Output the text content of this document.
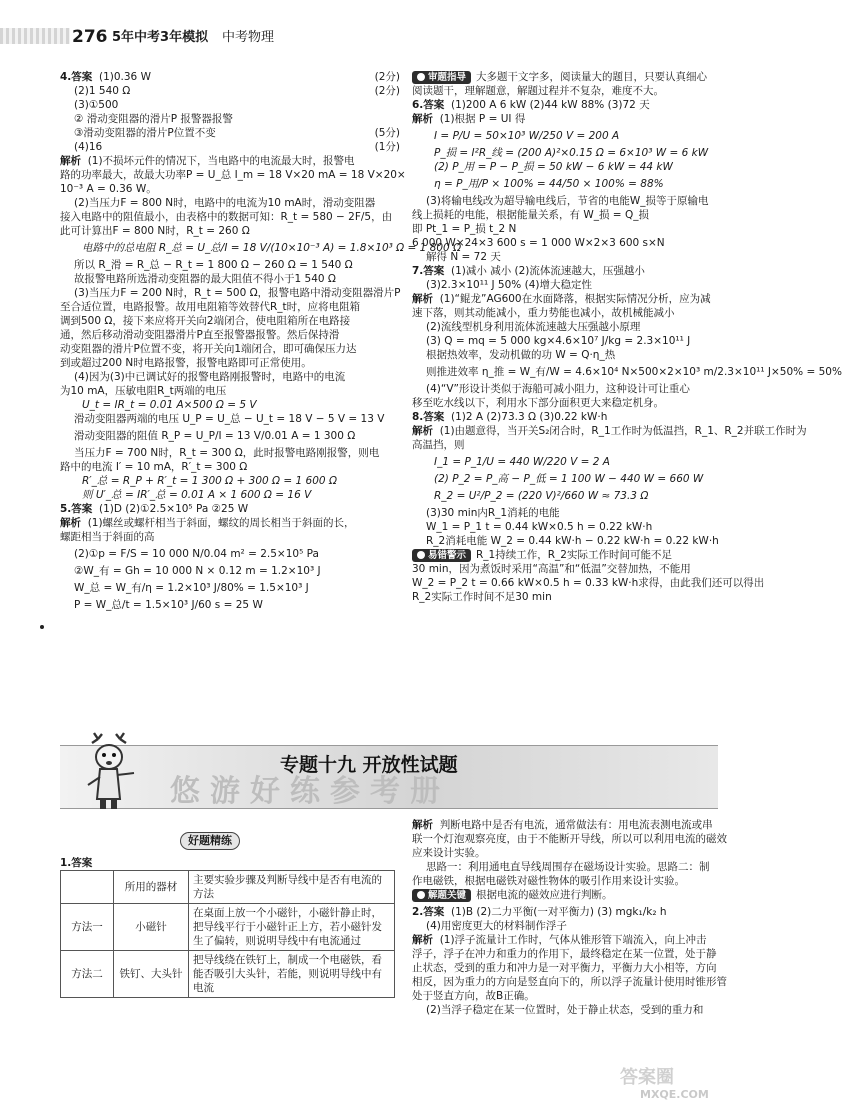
276 5年中考3年模拟 中考物理
4.答案 (1)0.36 W	(2分)
(2)1 540 Ω	(2分)
(3)①500
② 滑动变阻器的滑片P 报警器报警
③滑动变阻器的滑片P位置不变	(5分)
(4)16	(1分)
解析 (1)不损坏元件的情况下，当电路中的电流最大时，报警电
路的功率最大，故最大功率P = U_总 I_m = 18 V×20 mA = 18 V×20×
10⁻³ A = 0.36 W。
(2)当压力F = 800 N时，电路中的电流为10 mA时，滑动变阻器
接入电路中的阻值最小，由表格中的数据可知：R_t = 580 − 2F/5，由
此可计算出F = 800 N时，R_t = 260 Ω
电路中的总电阻 R_总 = U_总/I = 18 V/(10×10⁻³ A) = 1.8×10³ Ω = 1 800 Ω
所以 R_滑 = R_总 − R_t = 1 800 Ω − 260 Ω = 1 540 Ω
故报警电路所选滑动变阻器的最大阻值不得小于1 540 Ω
(3)当压力F = 200 N时，R_t = 500 Ω，报警电路中滑动变阻器滑片P
至合适位置，电路报警。故用电阻箱等效替代R_t时，应将电阻箱
调到500 Ω，接下来应将开关向2端闭合，使电阻箱所在电路接
通，然后移动滑动变阻器滑片P直至报警器报警。然后保持滑
动变阻器的滑片P位置不变，将开关向1端闭合，即可确保压力达
到或超过200 N时电路报警，报警电路即可正常使用。
(4)因为(3)中已调试好的报警电路刚报警时，电路中的电流
为10 mA，压敏电阻R_t两端的电压
U_t = IR_t = 0.01 A×500 Ω = 5 V
滑动变阻器两端的电压 U_P = U_总 − U_t = 18 V − 5 V = 13 V
滑动变阻器的阻值 R_P = U_P/I = 13 V/0.01 A = 1 300 Ω
当压力F = 700 N时，R_t = 300 Ω，此时报警电路刚报警，则电
路中的电流 I′ = 10 mA，R′_t = 300 Ω
R′_总 = R_P + R′_t = 1 300 Ω + 300 Ω = 1 600 Ω
则 U′_总 = IR′_总 = 0.01 A × 1 600 Ω = 16 V
5.答案 (1)D (2)①2.5×10⁵ Pa ②25 W
解析 (1)螺丝或螺杆相当于斜面，螺纹的周长相当于斜面的长，
螺距相当于斜面的高
(2)①p = F/S = 10 000 N/0.04 m² = 2.5×10⁵ Pa
②W_有 = Gh = 10 000 N × 0.12 m = 1.2×10³ J
W_总 = W_有/η = 1.2×10³ J/80% = 1.5×10³ J
P = W_总/t = 1.5×10³ J/60 s = 25 W
审题指导 大多题干文字多，阅读量大的题目，只要认真细心
阅读题干，理解题意，解题过程并不复杂，难度不大。
6.答案 (1)200 A 6 kW (2)44 kW 88% (3)72 天
解析 (1)根据 P = UI 得
I = P/U = 50×10³ W/250 V = 200 A
P_损 = I²R_线 = (200 A)²×0.15 Ω = 6×10³ W = 6 kW
(2) P_用 = P − P_损 = 50 kW − 6 kW = 44 kW
η = P_用/P × 100% = 44/50 × 100% = 88%
(3)将输电线改为超导输电线后，节省的电能W_损等于原输电
线上损耗的电能，根据能量关系，有 W_损 = Q_损
即 Pt_1 = P_损 t_2 N
6 000 W×24×3 600 s = 1 000 W×2×3 600 s×N
解得 N = 72 天
7.答案 (1)减小 减小 (2)流体流速越大，压强越小
(3)2.3×10¹¹ J 50% (4)增大稳定性
解析 (1)“鲲龙”AG600在水面降落，根据实际情况分析，应为减
速下落，则其动能减小，重力势能也减小，故机械能减小
(2)流线型机身利用流体流速越大压强越小原理
(3) Q = mq = 5 000 kg×4.6×10⁷ J/kg = 2.3×10¹¹ J
根据热效率，发动机做的功 W = Q·η_热
则推进效率 η_推 = W_有/W = 4.6×10⁴ N×500×2×10³ m/2.3×10¹¹ J×50% = 50%
(4)“V”形设计类似于海船可减小阻力，这种设计可让重心
移至吃水线以下，利用水下部分面积更大来稳定机身。
8.答案 (1)2 A (2)73.3 Ω (3)0.22 kW·h
解析 (1)由题意得，当开关S₂闭合时，R_1工作时为低温挡，R_1、R_2并联工作时为
高温挡，则
I_1 = P_1/U = 440 W/220 V = 2 A
(2) P_2 = P_高 − P_低 = 1 100 W − 440 W = 660 W
R_2 = U²/P_2 = (220 V)²/660 W ≈ 73.3 Ω
(3)30 min内R_1消耗的电能
W_1 = P_1 t = 0.44 kW×0.5 h = 0.22 kW·h
R_2消耗电能 W_2 = 0.44 kW·h − 0.22 kW·h = 0.22 kW·h
易错警示 R_1持续工作，R_2实际工作时间可能不足
30 min，因为煮饭时采用“高温”和“低温”交替加热，不能用
W_2 = P_2 t = 0.66 kW×0.5 h = 0.33 kW·h求得，由此我们还可以得出
R_2实际工作时间不足30 min
悠游好练参考册
专题十九 开放性试题
好题精练
1.答案
	所用的器材	主要实验步骤及判断导线中是否有电流的方法
方法一	小磁针	在桌面上放一个小磁针，小磁针静止时，把导线平行于小磁针正上方，若小磁针发生了偏转，则说明导线中有电流通过
方法二	铁钉、大头针	把导线绕在铁钉上，制成一个电磁铁，看能否吸引大头针，若能，则说明导线中有电流
解析 判断电路中是否有电流，通常做法有：用电流表测电流或串
联一个灯泡观察亮度，由于不能断开导线，所以可以利用电流的磁效
应来设计实验。
思路一：利用通电直导线周围存在磁场设计实验。思路二：制
作电磁铁，根据电磁铁对磁性物体的吸引作用来设计实验。
解题关键 根据电流的磁效应进行判断。
2.答案 (1)B (2)二力平衡(一对平衡力) (3) mgk₁/k₂ h
(4)用密度更大的材料制作浮子
解析 (1)浮子流量计工作时，气体从锥形管下端流入，向上冲击
浮子，浮子在冲力和重力的作用下，最终稳定在某一位置，处于静
止状态，受到的重力和冲力是一对平衡力，平衡力大小相等，方向
相反，因为重力的方向是竖直向下的，所以浮子流量计使用时锥形管
处于竖直方向，故B正确。
(2)当浮子稳定在某一位置时，处于静止状态，受到的重力和
答案圈
MXQE.COM
